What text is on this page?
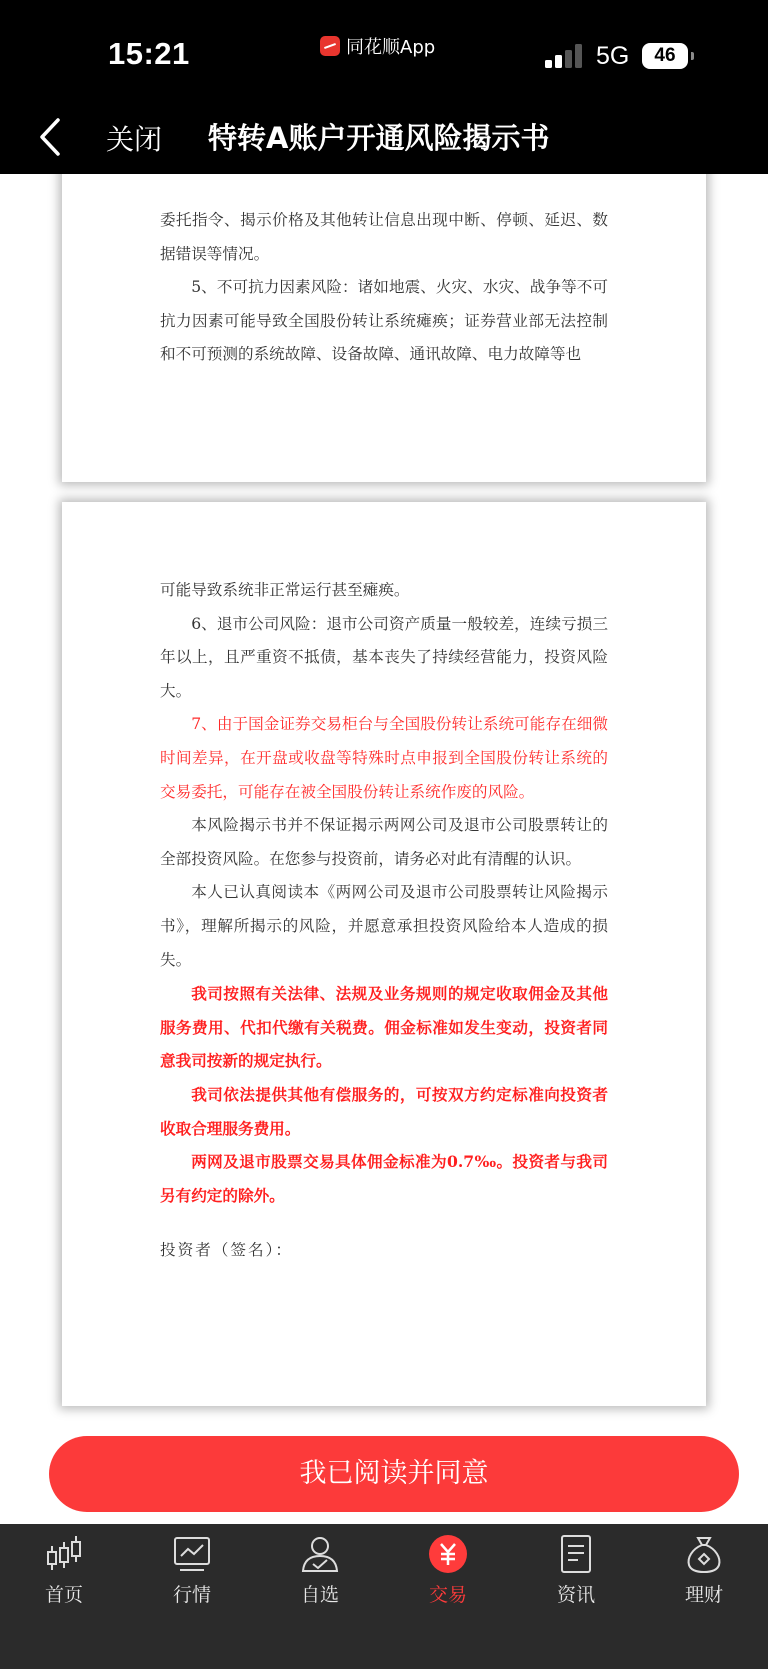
15:21	同花顺App	5G	46
关闭 特转A账户开通风险揭示书

委托指令、揭示价格及其他转让信息出现中断、停顿、延迟、数据错误等情况。

5、不可抗力因素风险：诸如地震、火灾、水灾、战争等不可抗力因素可能导致全国股份转让系统瘫痪；证券营业部无法控制和不可预测的系统故障、设备故障、通讯故障、电力故障等也

可能导致系统非正常运行甚至瘫痪。

6、退市公司风险：退市公司资产质量一般较差，连续亏损三年以上，且严重资不抵债，基本丧失了持续经营能力，投资风险大。

7、由于国金证券交易柜台与全国股份转让系统可能存在细微时间差异，在开盘或收盘等特殊时点申报到全国股份转让系统的交易委托，可能存在被全国股份转让系统作废的风险。

本风险揭示书并不保证揭示两网公司及退市公司股票转让的全部投资风险。在您参与投资前，请务必对此有清醒的认识。

本人已认真阅读本《两网公司及退市公司股票转让风险揭示书》，理解所揭示的风险，并愿意承担投资风险给本人造成的损失。

我司按照有关法律、法规及业务规则的规定收取佣金及其他服务费用、代扣代缴有关税费。佣金标准如发生变动，投资者同意我司按新的规定执行。

我司依法提供其他有偿服务的，可按双方约定标准向投资者收取合理服务费用。

两网及退市股票交易具体佣金标准为0.7‰。投资者与我司另有约定的除外。

投资者（签名）：

我已阅读并同意
首页	行情	自选	交易	资讯	理财
